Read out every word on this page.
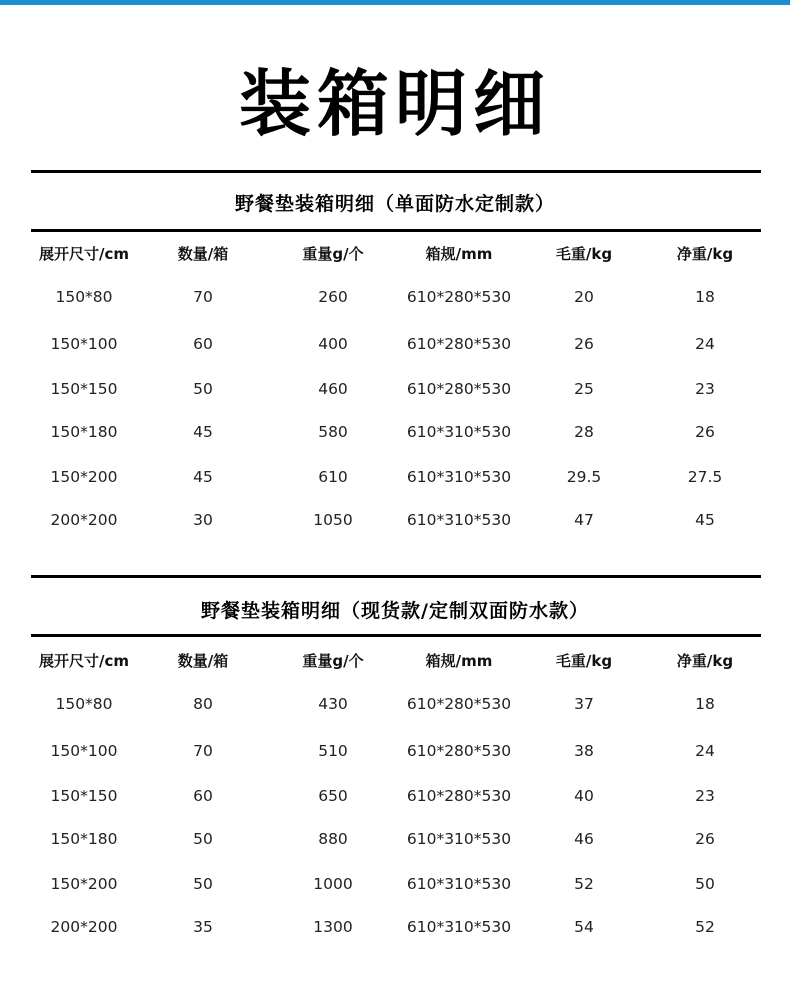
装箱明细
野餐垫装箱明细（单面防水定制款）
展开尺寸/cm	数量/箱	重量g/个	箱规/mm	毛重/kg	净重/kg
150*80	70	260	610*280*530	20	18
150*100	60	400	610*280*530	26	24
150*150	50	460	610*280*530	25	23
150*180	45	580	610*310*530	28	26
150*200	45	610	610*310*530	29.5	27.5
200*200	30	1050	610*310*530	47	45
野餐垫装箱明细（现货款/定制双面防水款）
展开尺寸/cm	数量/箱	重量g/个	箱规/mm	毛重/kg	净重/kg
150*80	80	430	610*280*530	37	18
150*100	70	510	610*280*530	38	24
150*150	60	650	610*280*530	40	23
150*180	50	880	610*310*530	46	26
150*200	50	1000	610*310*530	52	50
200*200	35	1300	610*310*530	54	52
